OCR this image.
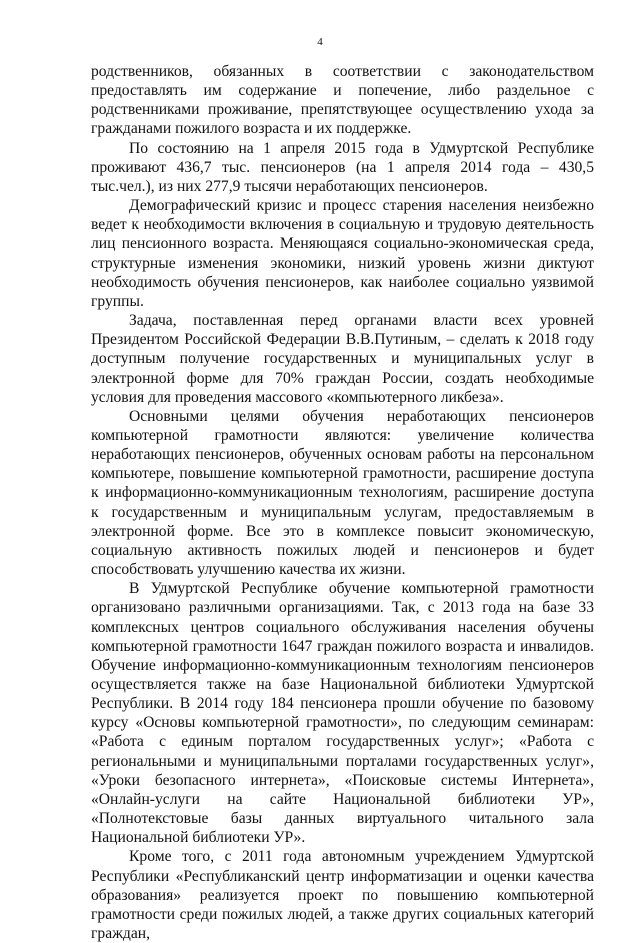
4

родственников, обязанных в соответствии с законодательством предоставлять им содержание и попечение, либо раздельное с родственниками проживание, препятствующее осуществлению ухода за гражданами пожилого возраста и их поддержке.

По состоянию на 1 апреля 2015 года в Удмуртской Республике проживают 436,7 тыс. пенсионеров (на 1 апреля 2014 года – 430,5 тыс.чел.), из них 277,9 тысячи неработающих пенсионеров.

Демографический кризис и процесс старения населения неизбежно ведет к необходимости включения в социальную и трудовую деятельность лиц пенсионного возраста. Меняющаяся социально-экономическая среда, структурные изменения экономики, низкий уровень жизни диктуют необходимость обучения пенсионеров, как наиболее социально уязвимой группы.

Задача, поставленная перед органами власти всех уровней Президентом Российской Федерации В.В.Путиным, – сделать к 2018 году доступным получение государственных и муниципальных услуг в электронной форме для 70% граждан России, создать необходимые условия для проведения массового «компьютерного ликбеза».

Основными целями обучения неработающих пенсионеров компьютерной грамотности являются: увеличение количества неработающих пенсионеров, обученных основам работы на персональном компьютере, повышение компьютерной грамотности, расширение доступа к информационно-коммуникационным технологиям, расширение доступа к государственным и муниципальным услугам, предоставляемым в электронной форме. Все это в комплексе повысит экономическую, социальную активность пожилых людей и пенсионеров и будет способствовать улучшению качества их жизни.

В Удмуртской Республике обучение компьютерной грамотности организовано различными организациями. Так, с 2013 года на базе 33 комплексных центров социального обслуживания населения обучены компьютерной грамотности 1647 граждан пожилого возраста и инвалидов. Обучение информационно-коммуникационным технологиям пенсионеров осуществляется также на базе Национальной библиотеки Удмуртской Республики. В 2014 году 184 пенсионера прошли обучение по базовому курсу «Основы компьютерной грамотности», по следующим семинарам: «Работа с единым порталом государственных услуг»; «Работа с региональными и муниципальными порталами государственных услуг», «Уроки безопасного интернета», «Поисковые системы Интернета», «Онлайн-услуги на сайте Национальной библиотеки УР», «Полнотекстовые базы данных виртуального читального зала Национальной библиотеки УР».

Кроме того, с 2011 года автономным учреждением Удмуртской Республики «Республиканский центр информатизации и оценки качества образования» реализуется проект по повышению компьютерной грамотности среди пожилых людей, а также других социальных категорий граждан,
